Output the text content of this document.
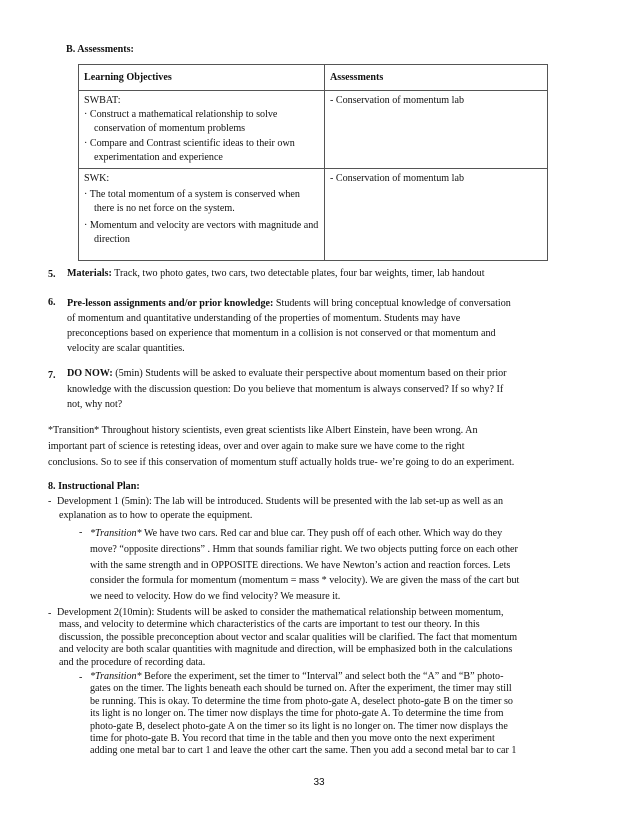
B. Assessments:
Learning Objectives	Assessments

SWBAT:
· Construct a mathematical relationship to solve conservation of momentum problems
· Compare and Contrast scientific ideas to their own experimentation and experience	- Conservation of momentum lab

SWK:
· The total momentum of a system is conserved when there is no net force on the system.
· Momentum and velocity are vectors with magnitude and direction	- Conservation of momentum lab
5. Materials: Track, two photo gates, two cars, two detectable plates, four bar weights, timer, lab handout
6. Pre-lesson assignments and/or prior knowledge: Students will bring conceptual knowledge of conversation
of momentum and quantitative understanding of the properties of momentum. Students may have
preconceptions based on experience that momentum in a collision is not conserved or that momentum and
velocity are scalar quantities.
7. DO NOW: (5min) Students will be asked to evaluate their perspective about momentum based on their prior
knowledge with the discussion question: Do you believe that momentum is always conserved? If so why? If
not, why not?
*Transition* Throughout history scientists, even great scientists like Albert Einstein, have been wrong. An
important part of science is retesting ideas, over and over again to make sure we have come to the right
conclusions. So to see if this conservation of momentum stuff actually holds true- we’re going to do an experiment.
8. Instructional Plan:
- Development 1 (5min): The lab will be introduced. Students will be presented with the lab set-up as well as an
explanation as to how to operate the equipment.
- *Transition* We have two cars. Red car and blue car. They push off of each other. Which way do they
move? “opposite directions” . Hmm that sounds familiar right. We two objects putting force on each other
with the same strength and in OPPOSITE directions. We have Newton’s action and reaction forces. Lets
consider the formula for momentum (momentum = mass * velocity). We are given the mass of the cart but
we need to velocity. How do we find velocity? We measure it.
- Development 2(10min): Students will be asked to consider the mathematical relationship between momentum,
mass, and velocity to determine which characteristics of the carts are important to test our theory. In this
discussion, the possible preconception about vector and scalar qualities will be clarified. The fact that momentum
and velocity are both scalar quantities with magnitude and direction, will be emphasized both in the calculations
and the procedure of recording data.
- *Transition* Before the experiment, set the timer to “Interval” and select both the “A” and “B” photo-
gates on the timer. The lights beneath each should be turned on. After the experiment, the timer may still
be running. This is okay. To determine the time from photo-gate A, deselect photo-gate B on the timer so
its light is no longer on. The timer now displays the time for photo-gate A. To determine the time from
photo-gate B, deselect photo-gate A on the timer so its light is no longer on. The timer now displays the
time for photo-gate B. You record that time in the table and then you move onto the next experiment
adding one metal bar to cart 1 and leave the other cart the same. Then you add a second metal bar to car 1
33
